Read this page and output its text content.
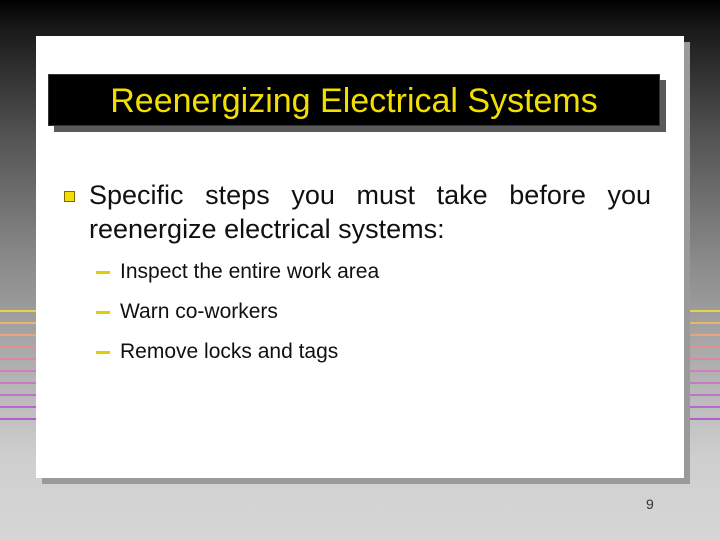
Reenergizing Electrical Systems
Specific steps you must take before you reenergize electrical systems:
Inspect the entire work area
Warn co-workers
Remove locks and tags
9
